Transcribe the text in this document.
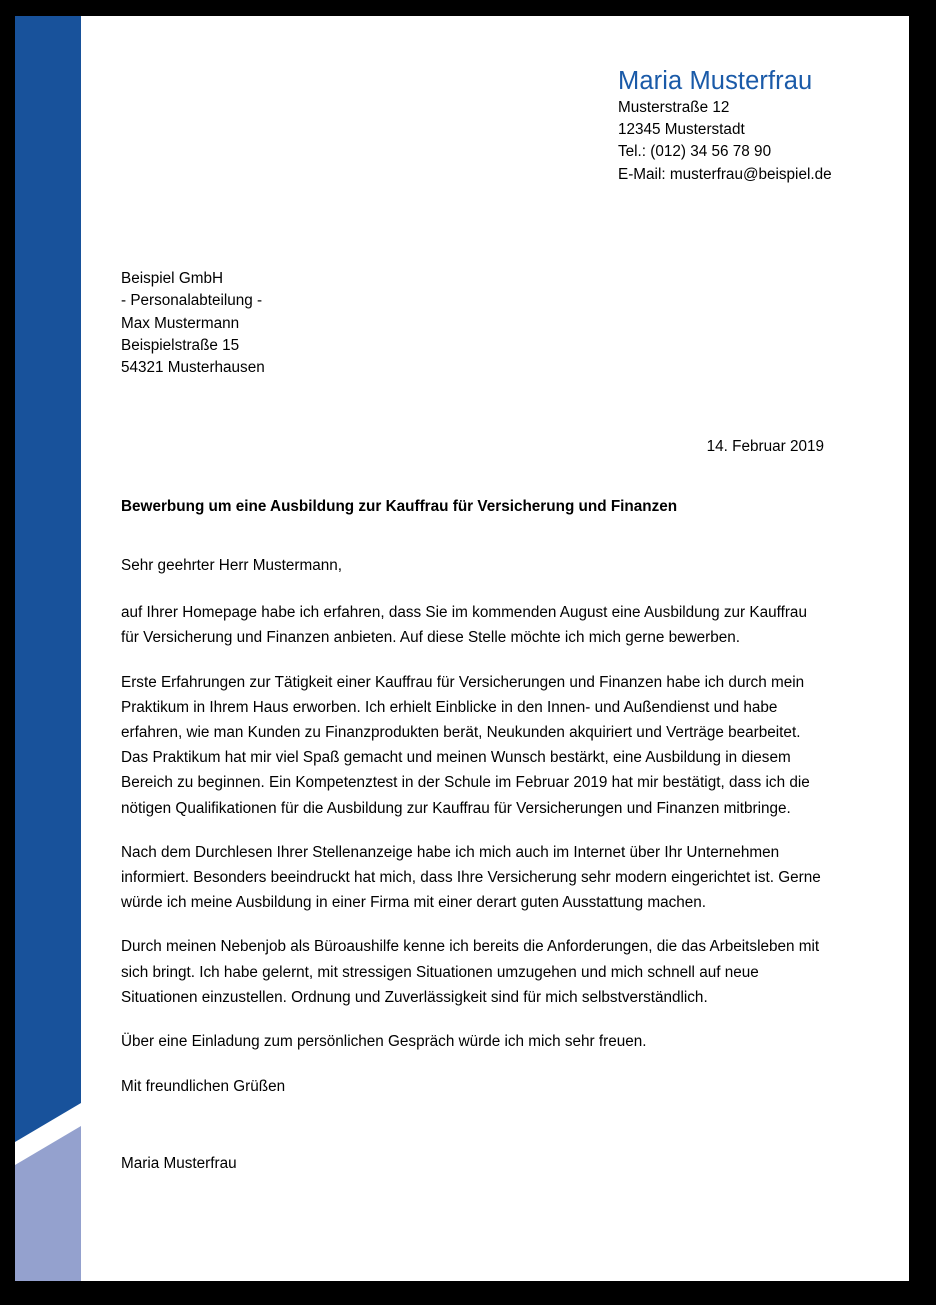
Maria Musterfrau
Musterstraße 12
12345 Musterstadt
Tel.: (012) 34 56 78 90
E-Mail: musterfrau@beispiel.de
Beispiel GmbH
- Personalabteilung -
Max Mustermann
Beispielstraße 15
54321 Musterhausen
14. Februar 2019
Bewerbung um eine Ausbildung zur Kauffrau für Versicherung und Finanzen

Sehr geehrter Herr Mustermann,

auf Ihrer Homepage habe ich erfahren, dass Sie im kommenden August eine Ausbildung zur Kauffrau für Versicherung und Finanzen anbieten. Auf diese Stelle möchte ich mich gerne bewerben.

Erste Erfahrungen zur Tätigkeit einer Kauffrau für Versicherungen und Finanzen habe ich durch mein Praktikum in Ihrem Haus erworben. Ich erhielt Einblicke in den Innen- und Außendienst und habe erfahren, wie man Kunden zu Finanzprodukten berät, Neukunden akquiriert und Verträge bearbeitet. Das Praktikum hat mir viel Spaß gemacht und meinen Wunsch bestärkt, eine Ausbildung in diesem Bereich zu beginnen. Ein Kompetenztest in der Schule im Februar 2019 hat mir bestätigt, dass ich die nötigen Qualifikationen für die Ausbildung zur Kauffrau für Versicherungen und Finanzen mitbringe.

Nach dem Durchlesen Ihrer Stellenanzeige habe ich mich auch im Internet über Ihr Unternehmen informiert. Besonders beeindruckt hat mich, dass Ihre Versicherung sehr modern eingerichtet ist. Gerne würde ich meine Ausbildung in einer Firma mit einer derart guten Ausstattung machen.

Durch meinen Nebenjob als Büroaushilfe kenne ich bereits die Anforderungen, die das Arbeitsleben mit sich bringt. Ich habe gelernt, mit stressigen Situationen umzugehen und mich schnell auf neue Situationen einzustellen. Ordnung und Zuverlässigkeit sind für mich selbstverständlich.

Über eine Einladung zum persönlichen Gespräch würde ich mich sehr freuen.

Mit freundlichen Grüßen

Maria Musterfrau
